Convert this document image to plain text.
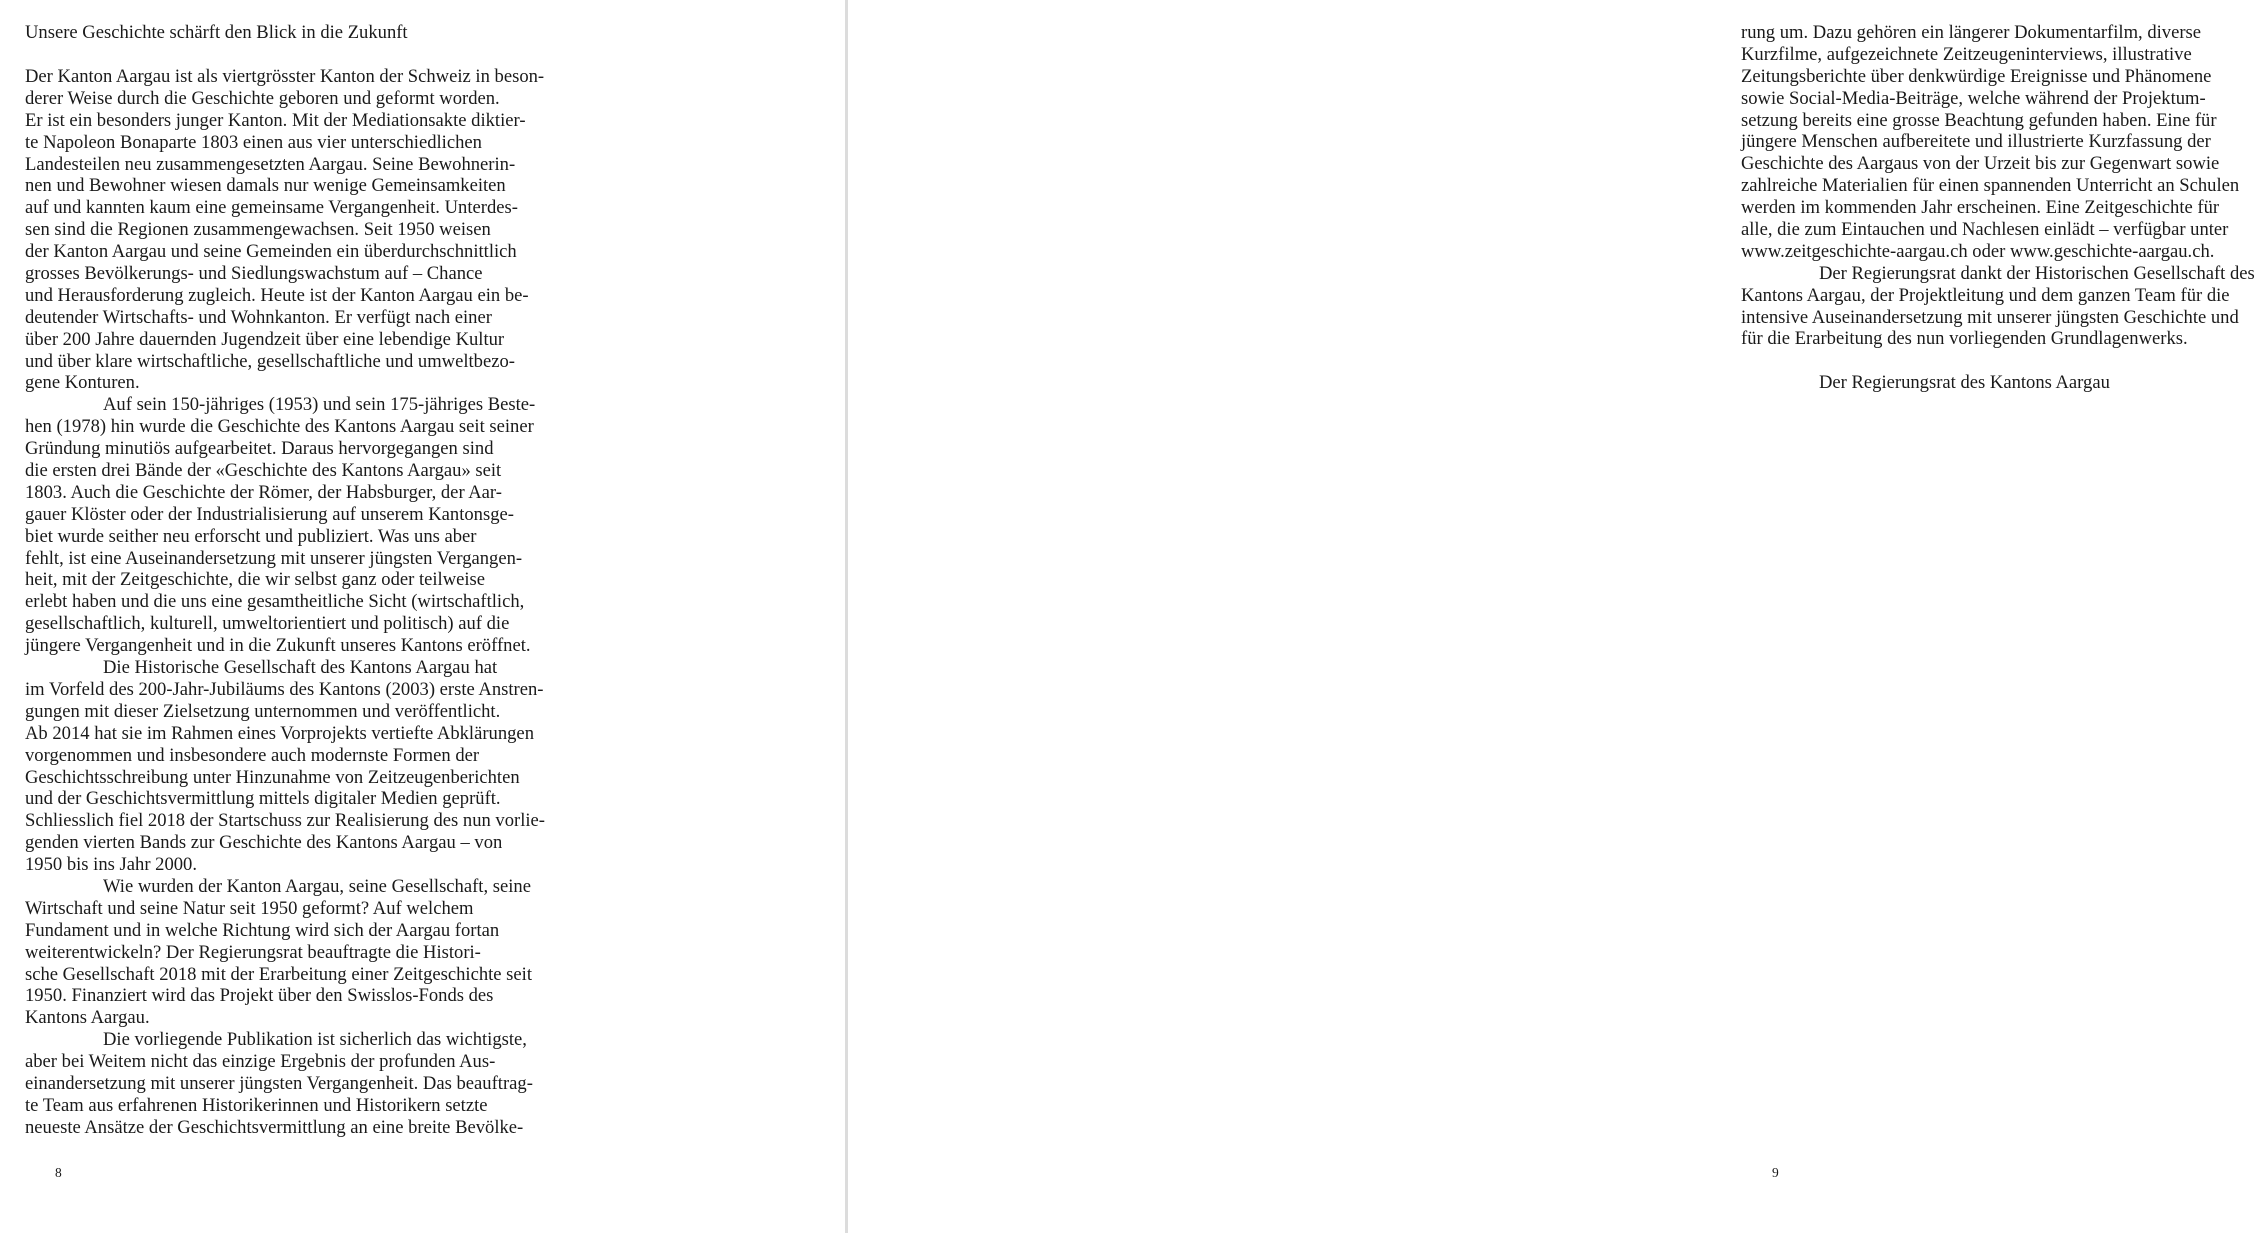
Unsere Geschichte schärft den Blick in die Zukunft
Der Kanton Aargau ist als viertgrösster Kanton der Schweiz in beson-
derer Weise durch die Geschichte geboren und geformt worden.
Er ist ein besonders junger Kanton. Mit der Mediationsakte diktier-
te Napoleon Bonaparte 1803 einen aus vier unterschiedlichen
Landesteilen neu zusammengesetzten Aargau. Seine Bewohnerin-
nen und Bewohner wiesen damals nur wenige Gemeinsamkeiten
auf und kannten kaum eine gemeinsame Vergangenheit. Unterdes-
sen sind die Regionen zusammengewachsen. Seit 1950 weisen
der Kanton Aargau und seine Gemeinden ein überdurchschnittlich
grosses Bevölkerungs- und Siedlungswachstum auf – Chance
und Herausforderung zugleich. Heute ist der Kanton Aargau ein be-
deutender Wirtschafts- und Wohnkanton. Er verfügt nach einer
über 200 Jahre dauernden Jugendzeit über eine lebendige Kultur
und über klare wirtschaftliche, gesellschaftliche und umweltbezo-
gene Konturen.
Auf sein 150-jähriges (1953) und sein 175-jähriges Beste-
hen (1978) hin wurde die Geschichte des Kantons Aargau seit seiner
Gründung minutiös aufgearbeitet. Daraus hervorgegangen sind
die ersten drei Bände der «Geschichte des Kantons Aargau» seit
1803. Auch die Geschichte der Römer, der Habsburger, der Aar-
gauer Klöster oder der Industrialisierung auf unserem Kantonsge-
biet wurde seither neu erforscht und publiziert. Was uns aber
fehlt, ist eine Auseinandersetzung mit unserer jüngsten Vergangen-
heit, mit der Zeitgeschichte, die wir selbst ganz oder teilweise
erlebt haben und die uns eine gesamtheitliche Sicht (wirtschaftlich,
gesellschaftlich, kulturell, umweltorientiert und politisch) auf die
jüngere Vergangenheit und in die Zukunft unseres Kantons eröffnet.
Die Historische Gesellschaft des Kantons Aargau hat
im Vorfeld des 200-Jahr-Jubiläums des Kantons (2003) erste Anstren-
gungen mit dieser Zielsetzung unternommen und veröffentlicht.
Ab 2014 hat sie im Rahmen eines Vorprojekts vertiefte Abklärungen
vorgenommen und insbesondere auch modernste Formen der
Geschichtsschreibung unter Hinzunahme von Zeitzeugenberichten
und der Geschichtsvermittlung mittels digitaler Medien geprüft.
Schliesslich fiel 2018 der Startschuss zur Realisierung des nun vorlie-
genden vierten Bands zur Geschichte des Kantons Aargau – von
1950 bis ins Jahr 2000.
Wie wurden der Kanton Aargau, seine Gesellschaft, seine
Wirtschaft und seine Natur seit 1950 geformt? Auf welchem
Fundament und in welche Richtung wird sich der Aargau fortan
weiterentwickeln? Der Regierungsrat beauftragte die Histori-
sche Gesellschaft 2018 mit der Erarbeitung einer Zeitgeschichte seit
1950. Finanziert wird das Projekt über den Swisslos-Fonds des
Kantons Aargau.
Die vorliegende Publikation ist sicherlich das wichtigste,
aber bei Weitem nicht das einzige Ergebnis der profunden Aus-
einandersetzung mit unserer jüngsten Vergangenheit. Das beauftrag-
te Team aus erfahrenen Historikerinnen und Historikern setzte
neueste Ansätze der Geschichtsvermittlung an eine breite Bevölke-
8
rung um. Dazu gehören ein längerer Dokumentarfilm, diverse
Kurzfilme, aufgezeichnete Zeitzeugeninterviews, illustrative
Zeitungsberichte über denkwürdige Ereignisse und Phänomene
sowie Social-Media-Beiträge, welche während der Projektum-
setzung bereits eine grosse Beachtung gefunden haben. Eine für
jüngere Menschen aufbereitete und illustrierte Kurzfassung der
Geschichte des Aargaus von der Urzeit bis zur Gegenwart sowie
zahlreiche Materialien für einen spannenden Unterricht an Schulen
werden im kommenden Jahr erscheinen. Eine Zeitgeschichte für
alle, die zum Eintauchen und Nachlesen einlädt – verfügbar unter
www.zeitgeschichte-aargau.ch oder www.geschichte-aargau.ch.
Der Regierungsrat dankt der Historischen Gesellschaft des
Kantons Aargau, der Projektleitung und dem ganzen Team für die
intensive Auseinandersetzung mit unserer jüngsten Geschichte und
für die Erarbeitung des nun vorliegenden Grundlagenwerks.
Der Regierungsrat des Kantons Aargau
9
